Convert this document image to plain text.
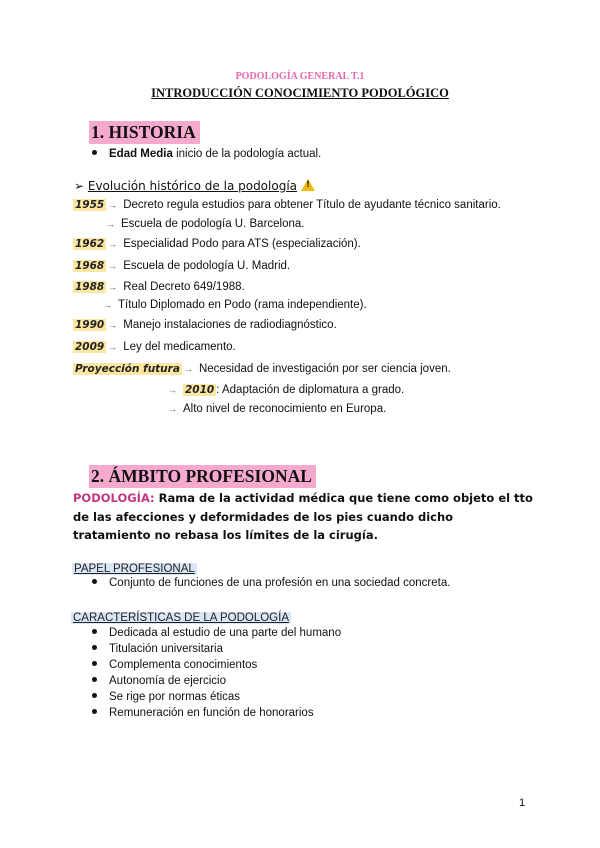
PODOLOGÍA GENERAL T.1
INTRODUCCIÓN CONOCIMIENTO PODOLÓGICO
1. HISTORIA
Edad Media inicio de la podología actual.
➢ Evolución histórico de la podología!
1955 → Decreto regula estudios para obtener Título de ayudante técnico sanitario.
→ Escuela de podología U. Barcelona.
1962 → Especialidad Podo para ATS (especialización).
1968 → Escuela de podología U. Madrid.
1988 → Real Decreto 649/1988.
→ Título Diplomado en Podo (rama independiente).
1990 → Manejo instalaciones de radiodiagnóstico.
2009 → Ley del medicamento.
Proyección futura → Necesidad de investigación por ser ciencia joven.
→ 2010 : Adaptación de diplomatura a grado.
→ Alto nivel de reconocimiento en Europa.
2. ÁMBITO PROFESIONAL
PODOLOGÍA: Rama de la actividad médica que tiene como objeto el tto de las afecciones y deformidades de los pies cuando dicho tratamiento no rebasa los límites de la cirugía.
PAPEL PROFESIONAL
Conjunto de funciones de una profesión en una sociedad concreta.
CARACTERÍSTICAS DE LA PODOLOGÍA
Dedicada al estudio de una parte del humano
Titulación universitaria
Complementa conocimientos
Autonomía de ejercicio
Se rige por normas éticas
Remuneración en función de honorarios
1
